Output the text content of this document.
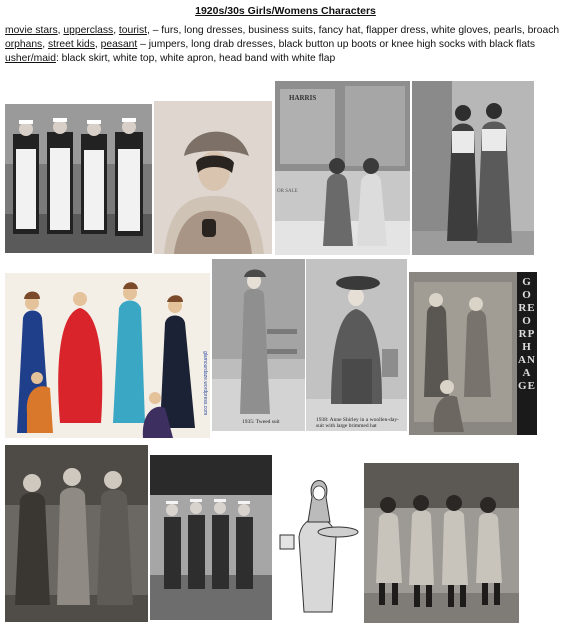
1920s/30s Girls/Womens Characters
movie stars, upperclass, tourist, – furs, long dresses, business suits, fancy hat, flapper dress, white gloves, pearls, broach
orphans, street kids, peasant – jumpers, long drab dresses, black button up boots or knee high socks with black flats
usher/maid: black skirt, white top, white apron, head band with white flap
HARRIS
OR SALE
glamourdaze.wordpress.com
1935: Tweed suit	1938: Anne Shirley in a woollen-day-suit with large brimmed hat
GORE ORPHANAGE
